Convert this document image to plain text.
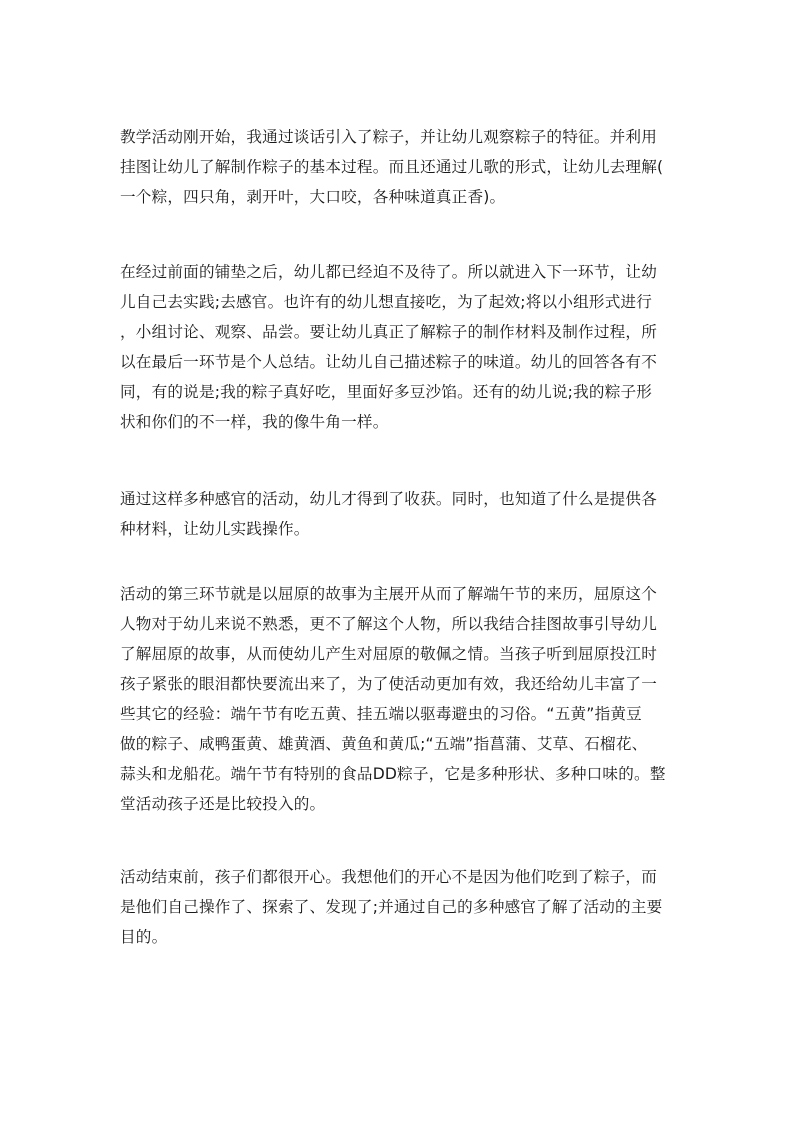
教学活动刚开始，我通过谈话引入了粽子，并让幼儿观察粽子的特征。并利用
挂图让幼儿了解制作粽子的基本过程。而且还通过儿歌的形式，让幼儿去理解(
一个粽，四只角，剥开叶，大口咬，各种味道真正香)。
在经过前面的铺垫之后，幼儿都已经迫不及待了。所以就进入下一环节，让幼
儿自己去实践;去感官。也许有的幼儿想直接吃，为了起效;将以小组形式进行
，小组讨论、观察、品尝。要让幼儿真正了解粽子的制作材料及制作过程，所
以在最后一环节是个人总结。让幼儿自己描述粽子的味道。幼儿的回答各有不
同，有的说是;我的粽子真好吃，里面好多豆沙馅。还有的幼儿说;我的粽子形
状和你们的不一样，我的像牛角一样。
通过这样多种感官的活动，幼儿才得到了收获。同时，也知道了什么是提供各
种材料，让幼儿实践操作。
活动的第三环节就是以屈原的故事为主展开从而了解端午节的来历，屈原这个
人物对于幼儿来说不熟悉，更不了解这个人物，所以我结合挂图故事引导幼儿
了解屈原的故事，从而使幼儿产生对屈原的敬佩之情。当孩子听到屈原投江时
孩子紧张的眼泪都快要流出来了，为了使活动更加有效，我还给幼儿丰富了一
些其它的经验：端午节有吃五黄、挂五端以驱毒避虫的习俗。“五黄”指黄豆
做的粽子、咸鸭蛋黄、雄黄酒、黄鱼和黄瓜;“五端”指菖蒲、艾草、石榴花、
蒜头和龙船花。端午节有特别的食品DD粽子，它是多种形状、多种口味的。整
堂活动孩子还是比较投入的。
活动结束前，孩子们都很开心。我想他们的开心不是因为他们吃到了粽子，而
是他们自己操作了、探索了、发现了;并通过自己的多种感官了解了活动的主要
目的。
